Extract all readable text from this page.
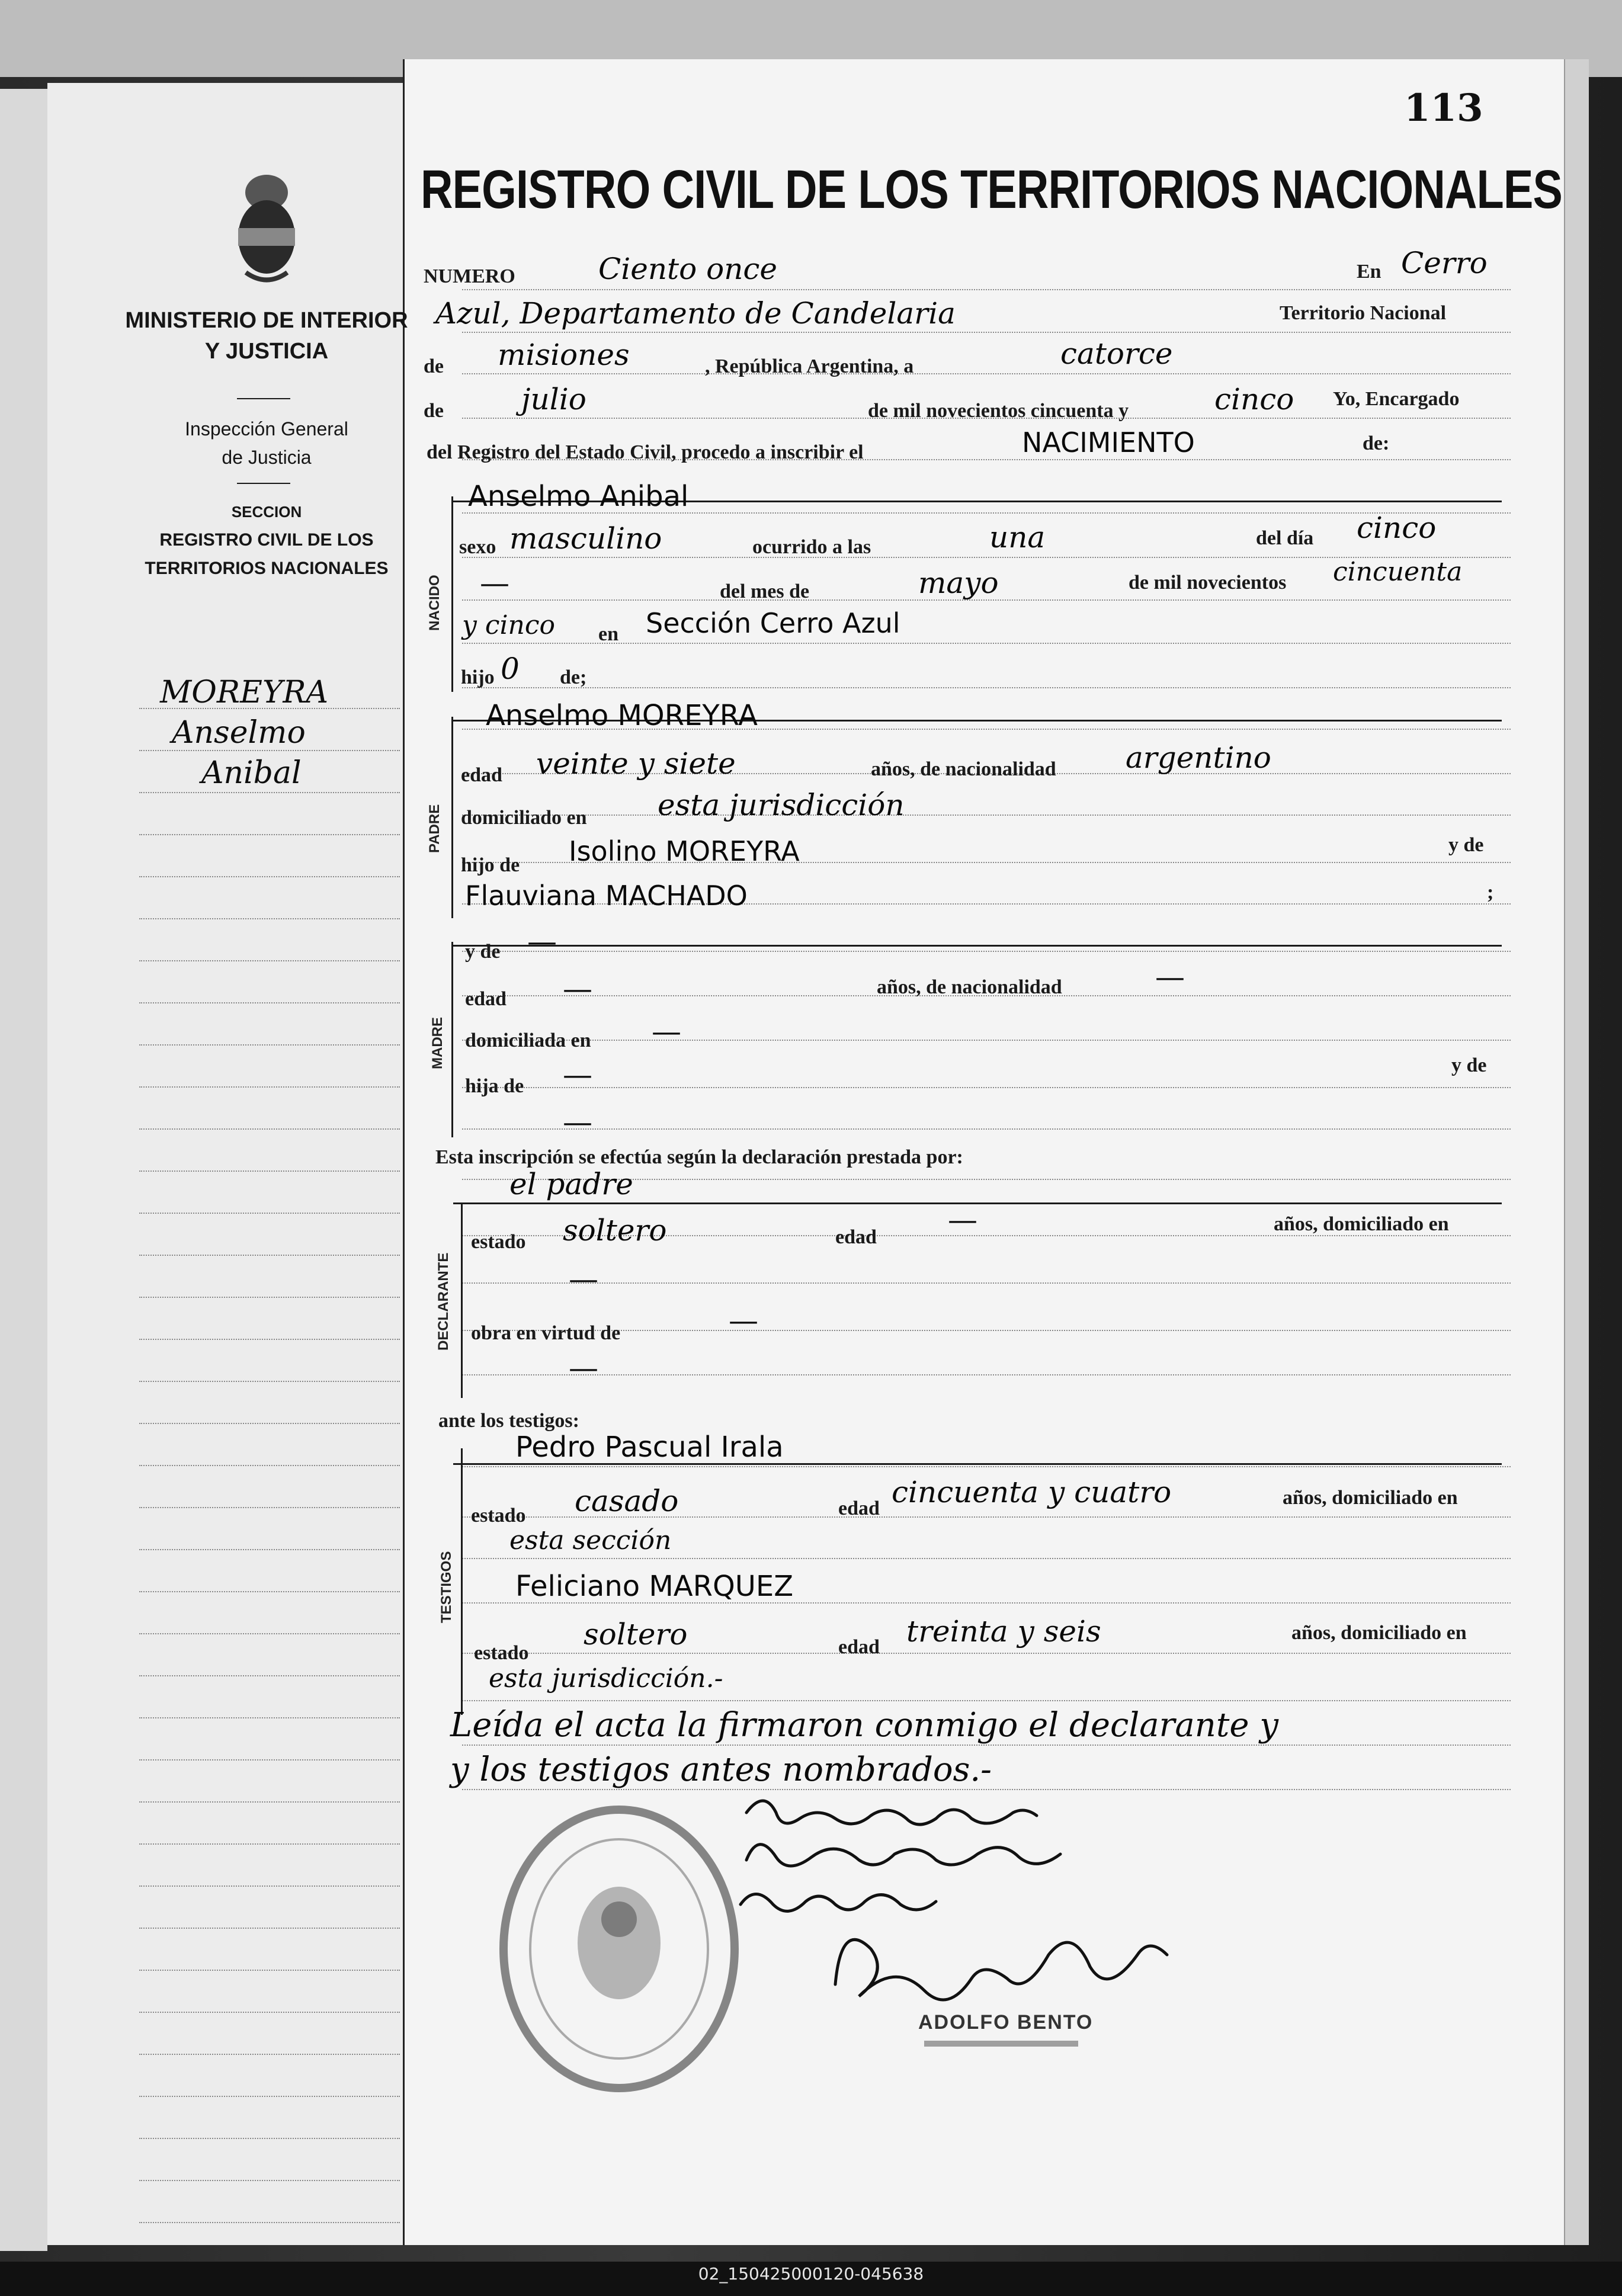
MINISTERIO DE INTERIOR
Y JUSTICIA
Inspección General
de Justicia
SECCION
REGISTRO CIVIL DE LOS
TERRITORIOS NACIONALES
MOREYRA
Anselmo
Anibal
113
REGISTRO CIVIL DE LOS TERRITORIOS NACIONALES
NUMERO	Ciento once	En Cerro
Azul, Departamento de Candelaria	Territorio Nacional
de misiones	, República Argentina, a	catorce
de	julio	de mil novecientos cincuenta y	cinco Yo, Encargado
del Registro del Estado Civil, procedo a inscribir el	NACIMIENTO	de:
NACIDO
Anselmo Anibal
sexo masculino	ocurrido a las	una	del día cinco
—	del mes de	mayo	de mil novecientos cincuenta
y cinco en Sección Cerro Azul
hijo 0 de;
PADRE
Anselmo MOREYRA
edad veinte y siete	años, de nacionalidad argentino
domiciliado en esta jurisdicción
hijo de Isolino MOREYRA	y de
Flauviana MACHADO	;
MADRE
y de —
edad —	años, de nacionalidad	—
domiciliada en —
hija de —	y de
—
Esta inscripción se efectúa según la declaración prestada por:
DECLARANTE
el padre
estado soltero	edad
—	años, domiciliado en
—
obra en virtud de	—
—
ante los testigos:
TESTIGOS
Pedro Pascual Irala
estado casado	edad cincuenta y cuatro	años, domiciliado en
esta sección
Feliciano MARQUEZ
estado
soltero	edad treinta y seis	años, domiciliado en
esta jurisdicción.-
Leída el acta la firmaron conmigo el declarante y
y los testigos antes nombrados.-
ADOLFO BENTO
02_150425000120-045638
